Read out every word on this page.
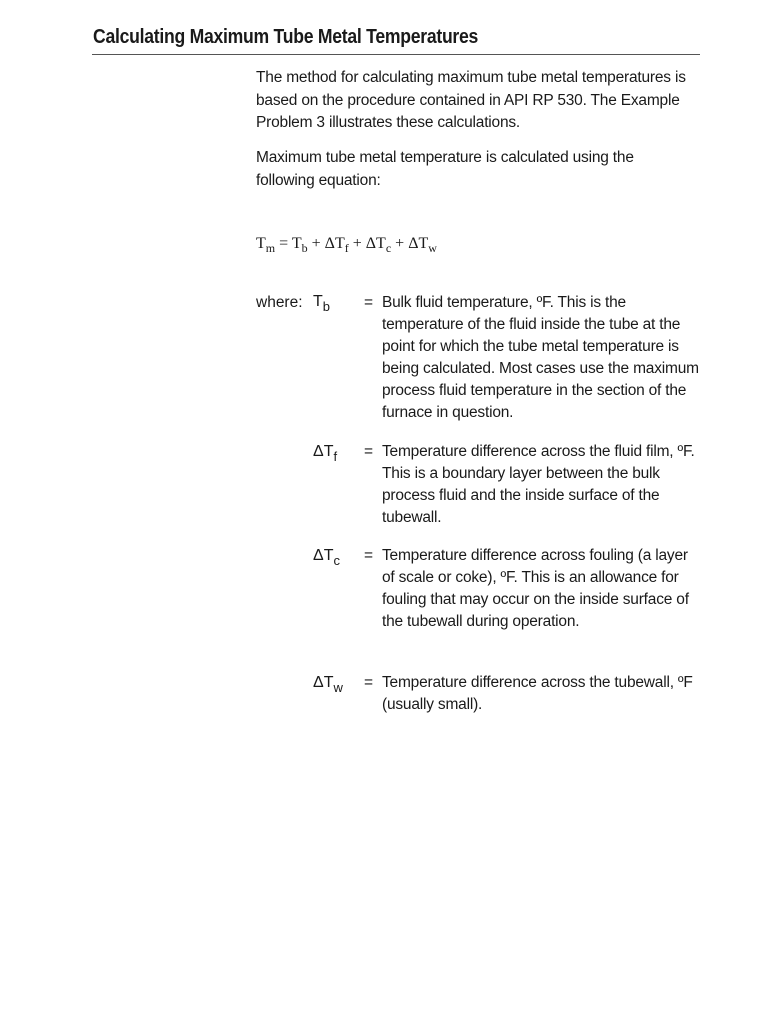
Calculating Maximum Tube Metal Temperatures

The method for calculating maximum tube metal temperatures is based on the procedure contained in API RP 530. The Example Problem 3 illustrates these calculations.

Maximum tube metal temperature is calculated using the following equation:

$T_m = T_b + \Delta T_f + \Delta T_c + \Delta T_w$
where: $T_b$ = Bulk fluid temperature, ºF. This is the temperature of the fluid inside the tube at the point for which the tube metal temperature is being calculated. Most cases use the maximum process fluid temperature in the section of the furnace in question.

$\Delta T_f$ = Temperature difference across the fluid film, ºF. This is a boundary layer between the bulk process fluid and the inside surface of the tubewall.

$\Delta T_c$ = Temperature difference across fouling (a layer of scale or coke), ºF. This is an allowance for fouling that may occur on the inside surface of the tubewall during operation.

$\Delta T_w$ = Temperature difference across the tubewall, ºF (usually small).
